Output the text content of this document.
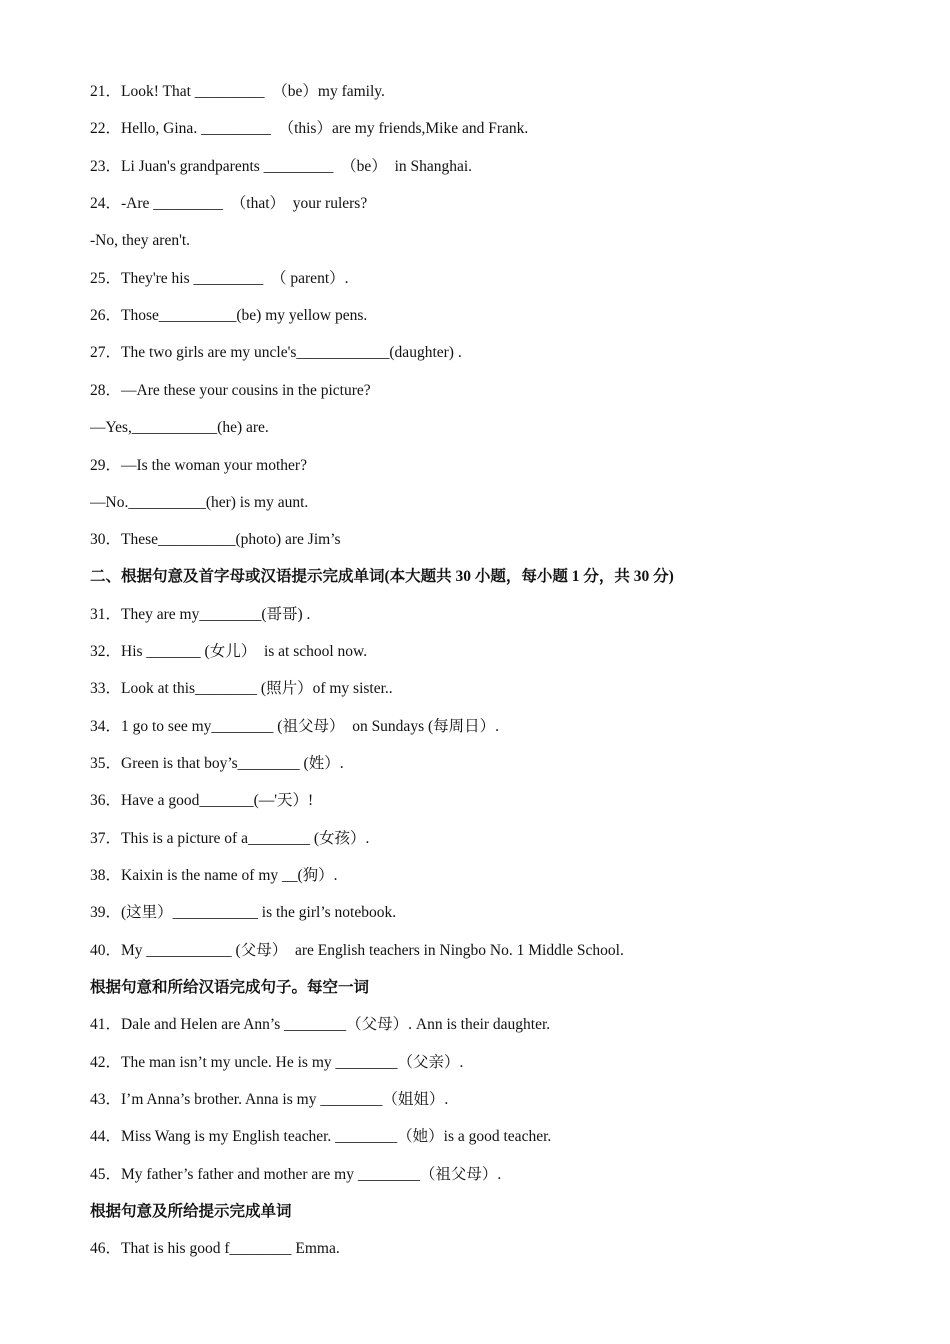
21．Look! That _________  （be）my family.
22．Hello, Gina. _________  （this）are my friends,Mike and Frank.
23．Li Juan's grandparents _________  （be）  in Shanghai.
24．-Are _________  （that）  your rulers?
-No, they aren't.
25．They're his _________  （ parent）.
26．Those__________(be) my yellow pens.
27．The two girls are my uncle's____________(daughter) .
28．—Are these your cousins in the picture?
—Yes,___________(he) are.
29．—Is the woman your mother?
—No.__________(her) is my aunt.
30．These__________(photo) are Jim’s
二、根据句意及首字母或汉语提示完成单词(本大题共 30 小题，每小题 1 分，共 30 分)
31．They are my________(哥哥) .
32．His _______ (女儿）  is at school now.
33．Look at this________ (照片）of my sister..
34．1 go to see my________ (祖父母）  on Sundays (每周日）.
35．Green is that boy’s________ (姓）.
36．Have a good_______(—'天）!
37．This is a picture of a________ (女孩）.
38．Kaixin is the name of my __(狗）.
39．(这里）___________ is the girl’s notebook.
40．My ___________ (父母）  are English teachers in Ningbo No. 1 Middle School.
根据句意和所给汉语完成句子。每空一词
41．Dale and Helen are Ann’s ________（父母）. Ann is their daughter.
42．The man isn’t my uncle. He is my ________（父亲）.
43．I’m Anna’s brother. Anna is my ________（姐姐）.
44．Miss Wang is my English teacher. ________（她）is a good teacher.
45．My father’s father and mother are my ________（祖父母）.
根据句意及所给提示完成单词
46．That is his good f________ Emma.
